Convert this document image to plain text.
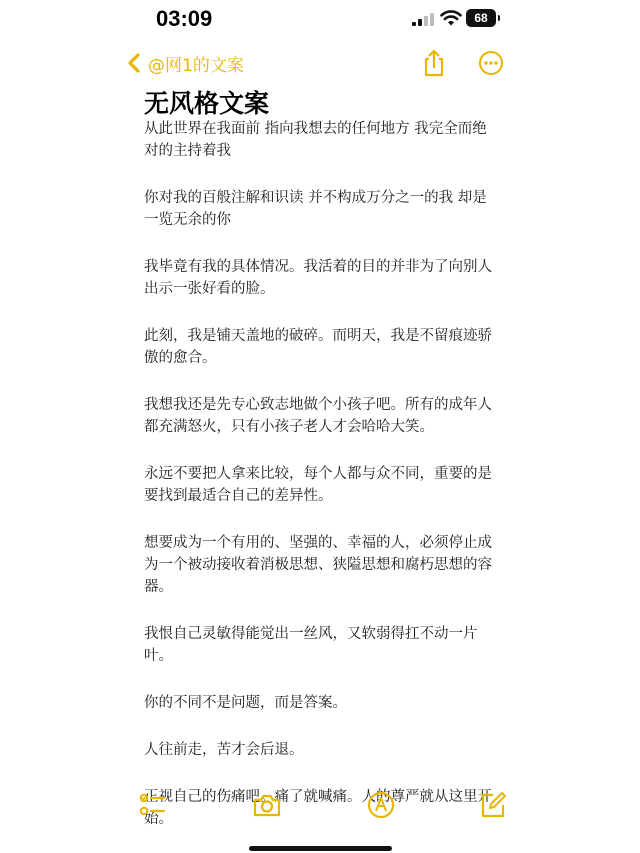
03:09	68
@网1的文案
无风格文案

从此世界在我面前 指向我想去的任何地方 我完全而绝对的主持着我

你对我的百般注解和识读 并不构成万分之一的我 却是一览无余的你

我毕竟有我的具体情况。我活着的目的并非为了向别人出示一张好看的脸。

此刻，我是铺天盖地的破碎。而明天，我是不留痕迹骄傲的愈合。

我想我还是先专心致志地做个小孩子吧。所有的成年人都充满怒火，只有小孩子老人才会哈哈大笑。

永远不要把人拿来比较，每个人都与众不同，重要的是要找到最适合自己的差异性。

想要成为一个有用的、坚强的、幸福的人，必须停止成为一个被动接收着消极思想、狭隘思想和腐朽思想的容器。

我恨自己灵敏得能觉出一丝风，又软弱得扛不动一片叶。

你的不同不是问题，而是答案。

人往前走，苦才会后退。

正视自己的伤痛吧。痛了就喊痛。人的尊严就从这里开始。
